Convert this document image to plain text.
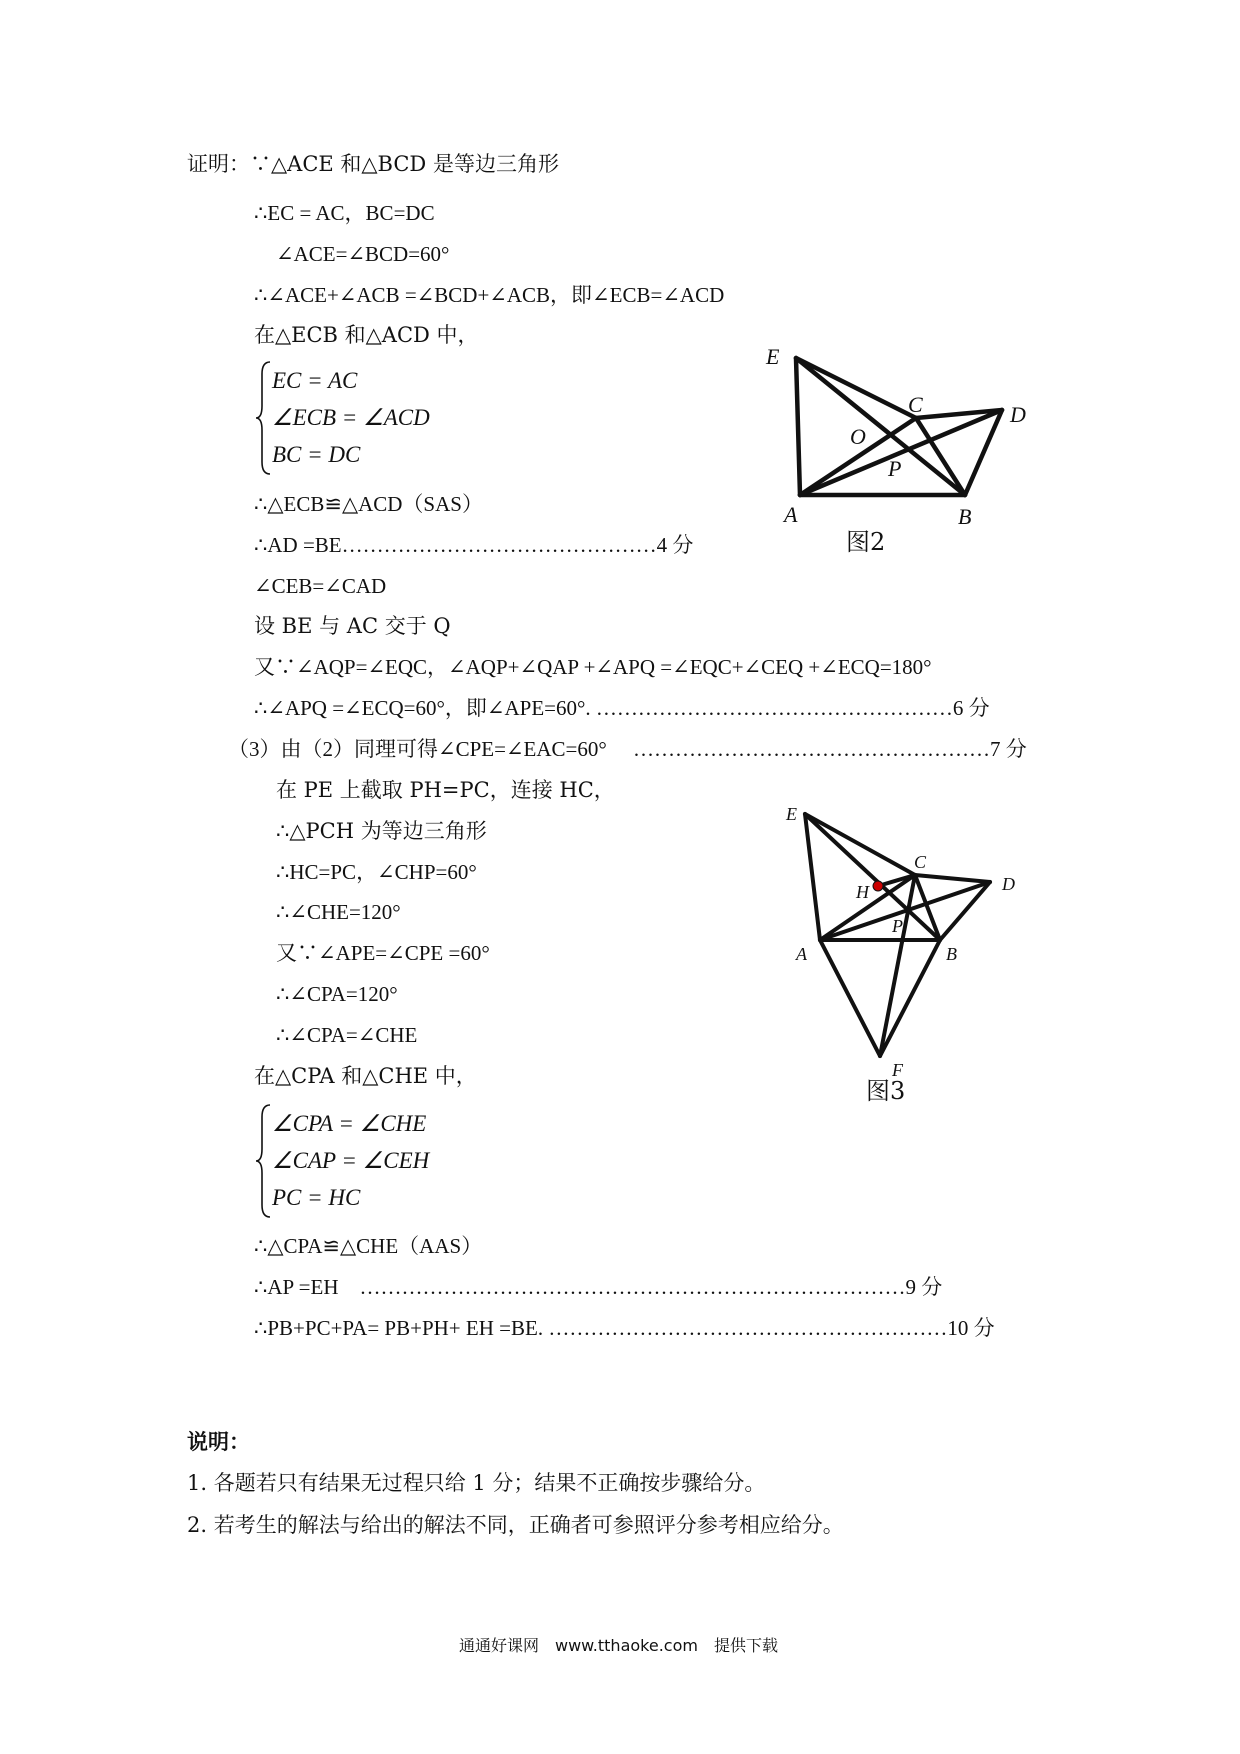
证明：∵△ACE 和△BCD 是等边三角形
∴EC = AC，BC=DC
∠ACE=∠BCD=60°
∴∠ACE+∠ACB =∠BCD+∠ACB，即∠ECB=∠ACD
在△ECB 和△ACD 中，
EC = AC
∠ECB = ∠ACD
BC = DC
∴△ECB≌△ACD（SAS）
∴AD =BE………………………………………4 分
∠CEB=∠CAD
设 BE 与 AC 交于 Q
又∵∠AQP=∠EQC，∠AQP+∠QAP +∠APQ =∠EQC+∠CEQ +∠ECQ=180°
∴∠APQ =∠ECQ=60°，即∠APE=60°. ……………………………………………6 分
（3）由（2）同理可得∠CPE=∠EAC=60°　 ……………………………………………7 分
在 PE 上截取 PH=PC，连接 HC，
∴△PCH 为等边三角形
∴HC=PC，∠CHP=60°
∴∠CHE=120°
又∵∠APE=∠CPE =60°
∴∠CPA=120°
∴∠CPA=∠CHE
在△CPA 和△CHE 中，
∠CPA = ∠CHE
∠CAP = ∠CEH
PC = HC
∴△CPA≌△CHE（AAS）
∴AP =EH　……………………………………………………………………9 分
∴PB+PC+PA= PB+PH+ EH =BE. …………………………………………………10 分
说明：
1. 各题若只有结果无过程只给 1 分；结果不正确按步骤给分。
2. 若考生的解法与给出的解法不同，正确者可参照评分参考相应给分。
E
C	D
O
P
A	B
图2
E
C
D
H
P
A	B
F
图3
通通好课网　www.tthaoke.com　提供下载
